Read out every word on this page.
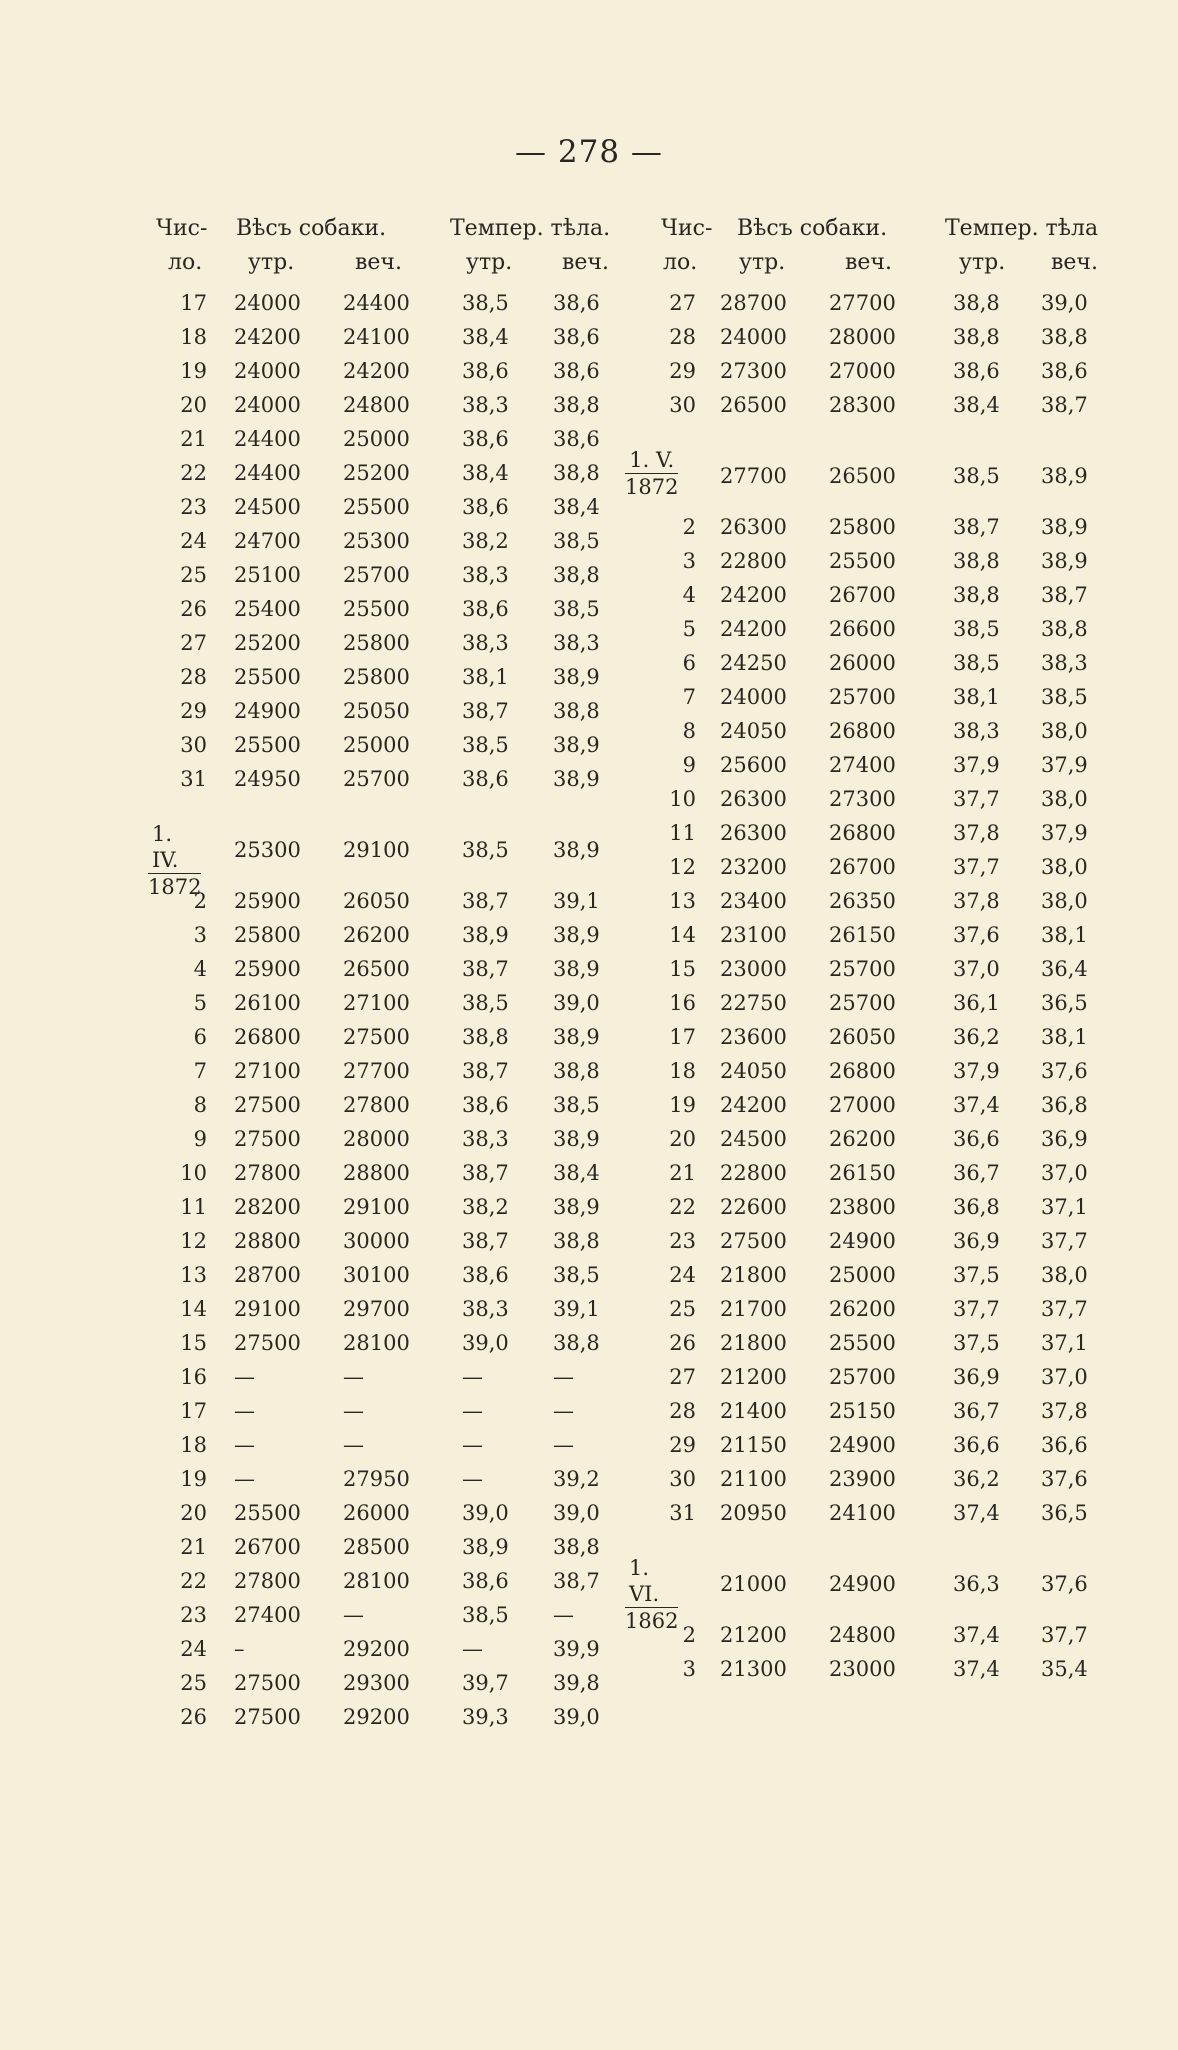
— 278 —
Чис-
ло.
Вѣсъ собаки.
утр.	веч.
Темпер. тѣла.
утр. веч.
17 24000 24400 38,5 38,6
18 24200 24100 38,4 38,6
19 24000 24200 38,6 38,6
20 24000 24800 38,3 38,8
21 24400 25000 38,6 38,6
22 24400 25200 38,4 38,8
23 24500 25500 38,6 38,4
24 24700 25300 38,2 38,5
25 25100 25700 38,3 38,8
26 25400 25500 38,6 38,5
27 25200 25800 38,3 38,3
28 25500 25800 38,1 38,9
29 24900 25050 38,7 38,8
30 25500 25000 38,5 38,9
31 24950 25700 38,6 38,9
$\frac{1. IV.}{1872} 25300$ 29100 38,5 38,9
2 25900 26050 38,7 39,1
3 25800 26200 38,9 38,9
4 25900 26500 38,7 38,9
5 26100 27100 38,5 39,0
6 26800 27500 38,8 38,9
7 27100 27700 38,7 38,8
8 27500 27800 38,6 38,5
9 27500 28000 38,3 38,9
10 27800 28800 38,7 38,4
11 28200 29100 38,2 38,9
12 28800 30000 38,7 38,8
13 28700 30100 38,6 38,5
14 29100 29700 38,3 39,1
15 27500 28100 39,0 38,8
16 —	—	—	—
17 —	—	—	—
18 —	—	—	—
19 —	27950 —	39,2
20 25500 26000 39,0 39,0
21 26700 28500 38,9 38,8
22 27800 28100 38,6 38,7
23 27400 —	38,5 —
24 –	29200 —	39,9
25 27500 29300 39,7 39,8
26 27500 29200 39,3 39,0
Чис-
ло.
Вѣсъ собаки.
утр.	веч.
Темпер. тѣла
утр. веч.
27 28700 27700	38,8 39,0
28 24000 28000	38,8 38,8
29 27300 27000	38,6 38,6
30 26500 28300	38,4 38,7
$\frac{1. V.}{1872} 27700$ 26500	38,5 38,9
2 26300 25800	38,7 38,9
3 22800 25500	38,8 38,9
4 24200 26700	38,8 38,7
5 24200 26600	38,5 38,8
6 24250 26000	38,5 38,3
7 24000 25700	38,1 38,5
8 24050 26800	38,3 38,0
9 25600 27400	37,9 37,9
10 26300 27300	37,7 38,0
11 26300 26800	37,8 37,9
12 23200 26700	37,7 38,0
13 23400 26350	37,8 38,0
14 23100 26150	37,6 38,1
15 23000 25700	37,0 36,4
16 22750 25700	36,1 36,5
17 23600 26050	36,2 38,1
18 24050 26800	37,9 37,6
19 24200 27000	37,4 36,8
20 24500 26200	36,6 36,9
21 22800 26150	36,7 37,0
22 22600 23800	36,8 37,1
23 27500 24900	36,9 37,7
24 21800 25000	37,5 38,0
25 21700 26200	37,7 37,7
26 21800 25500	37,5 37,1
27 21200 25700	36,9 37,0
28 21400 25150	36,7 37,8
29 21150 24900	36,6 36,6
30 21100 23900	36,2 37,6
31 20950 24100	37,4 36,5
$\frac{1. VI.}{1862} 21000$ 24900	36,3 37,6
2 21200 24800	37,4 37,7
3 21300 23000	37,4 35,4
